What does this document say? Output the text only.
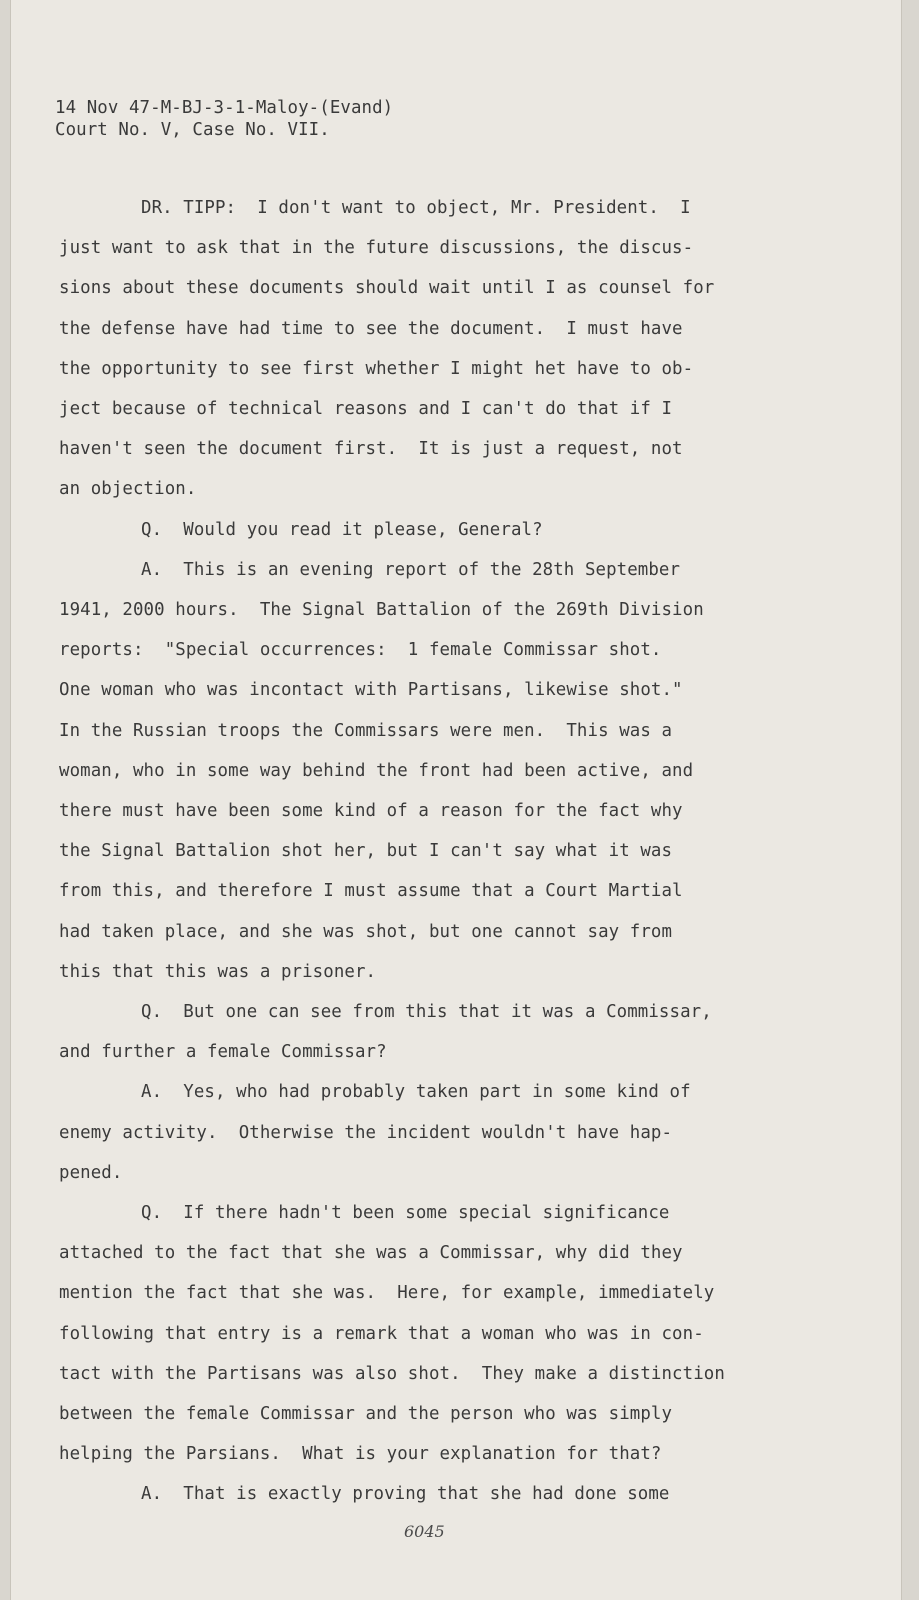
14 Nov 47-M-BJ-3-1-Maloy-(Evand)
Court No. V, Case No. VII.
DR. TIPP:  I don't want to object, Mr. President.  I
just want to ask that in the future discussions, the discus-
sions about these documents should wait until I as counsel for
the defense have had time to see the document.  I must have
the opportunity to see first whether I might het have to ob-
ject because of technical reasons and I can't do that if I
haven't seen the document first.  It is just a request, not
an objection.
Q.  Would you read it please, General?
A.  This is an evening report of the 28th September
1941, 2000 hours.  The Signal Battalion of the 269th Division
reports:  "Special occurrences:  1 female Commissar shot.
One woman who was incontact with Partisans, likewise shot."
In the Russian troops the Commissars were men.  This was a
woman, who in some way behind the front had been active, and
there must have been some kind of a reason for the fact why
the Signal Battalion shot her, but I can't say what it was
from this, and therefore I must assume that a Court Martial
had taken place, and she was shot, but one cannot say from
this that this was a prisoner.
Q.  But one can see from this that it was a Commissar,
and further a female Commissar?
A.  Yes, who had probably taken part in some kind of
enemy activity.  Otherwise the incident wouldn't have hap-
pened.
Q.  If there hadn't been some special significance
attached to the fact that she was a Commissar, why did they
mention the fact that she was.  Here, for example, immediately
following that entry is a remark that a woman who was in con-
tact with the Partisans was also shot.  They make a distinction
between the female Commissar and the person who was simply
helping the Parsians.  What is your explanation for that?
A.  That is exactly proving that she had done some
6045
